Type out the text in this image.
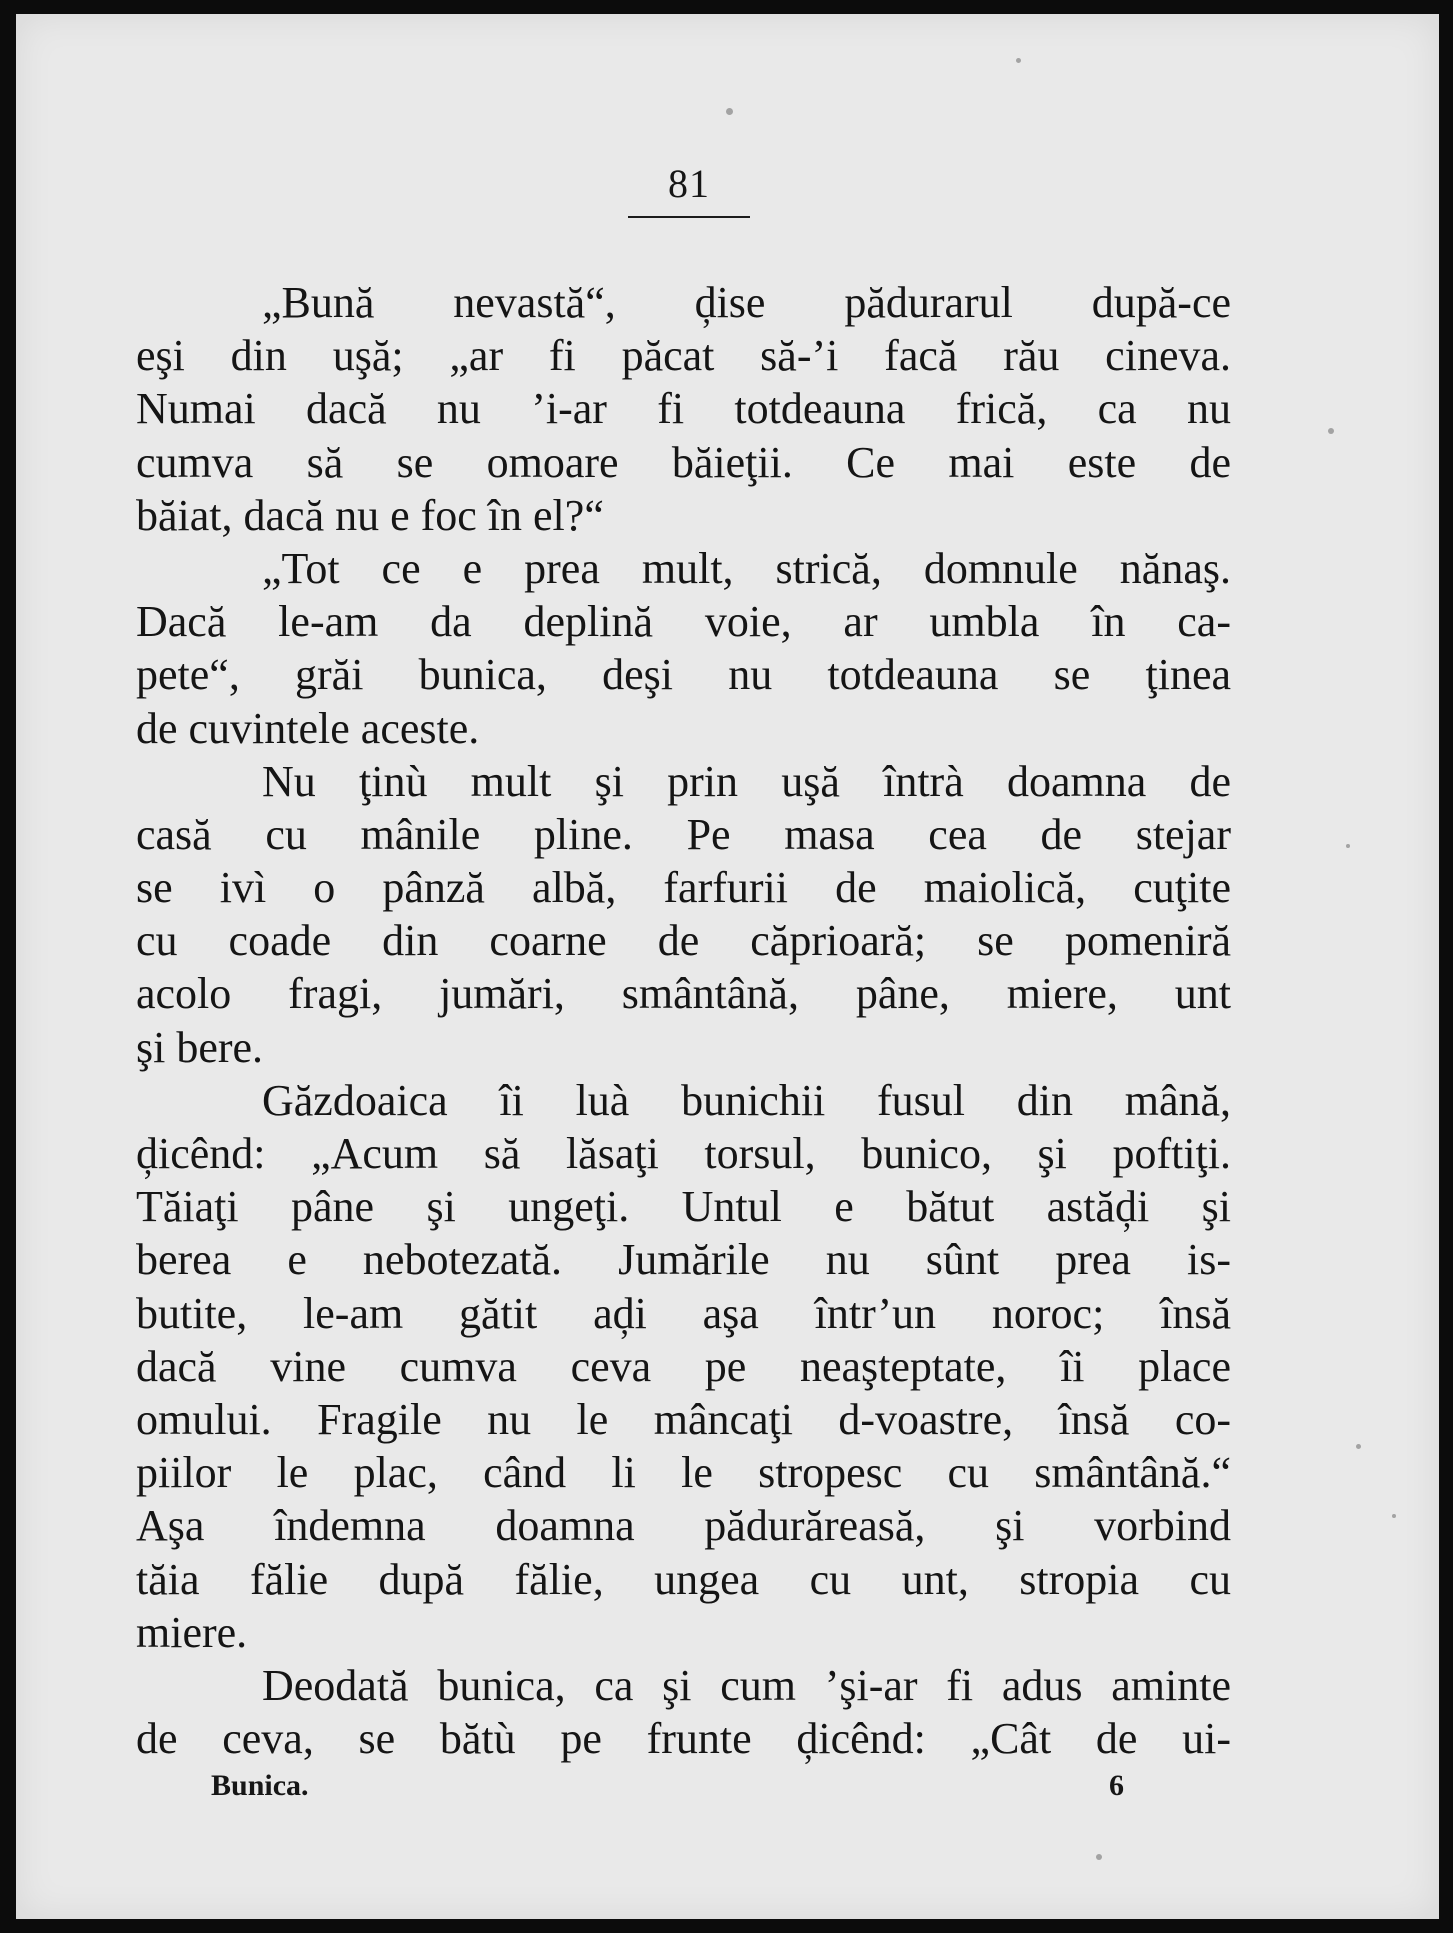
81
„Bună nevastă“, ḑise pădurarul după-ce
eşi din uşă; „ar fi păcat să-’i facă rău cineva.
Numai dacă nu ’i-ar fi totdeauna frică, ca nu
cumva să se omoare băieţii. Ce mai este de
băiat, dacă nu e foc în el?“
„Tot ce e prea mult, strică, domnule nănaş.
Dacă le-am da deplină voie, ar umbla în ca-
pete“, grăi bunica, deşi nu totdeauna se ţinea
de cuvintele aceste.
Nu ţinù mult şi prin uşă întrà doamna de
casă cu mânile pline. Pe masa cea de stejar
se ivì o pânză albă, farfurii de maiolică, cuţite
cu coade din coarne de căprioară; se pomeniră
acolo fragi, jumări, smântână, pâne, miere, unt
şi bere.
Găzdoaica îi luà bunichii fusul din mână,
ḑicênd: „Acum să lăsaţi torsul, bunico, şi poftiţi.
Tăiaţi pâne şi ungeţi. Untul e bătut astăḑi şi
berea e nebotezată. Jumările nu sûnt prea is-
butite, le-am gătit aḑi aşa într’un noroc; însă
dacă vine cumva ceva pe neaşteptate, îi place
omului. Fragile nu le mâncaţi d-voastre, însă co-
piilor le plac, când li le stropesc cu smântână.“
Aşa îndemna doamna pădurăreasă, şi vorbind
tăia fălie după fălie, ungea cu unt, stropia cu
miere.
Deodată bunica, ca şi cum ’şi-ar fi adus aminte
de ceva, se bătù pe frunte ḑicênd: „Cât de ui-
Bunica.	6
